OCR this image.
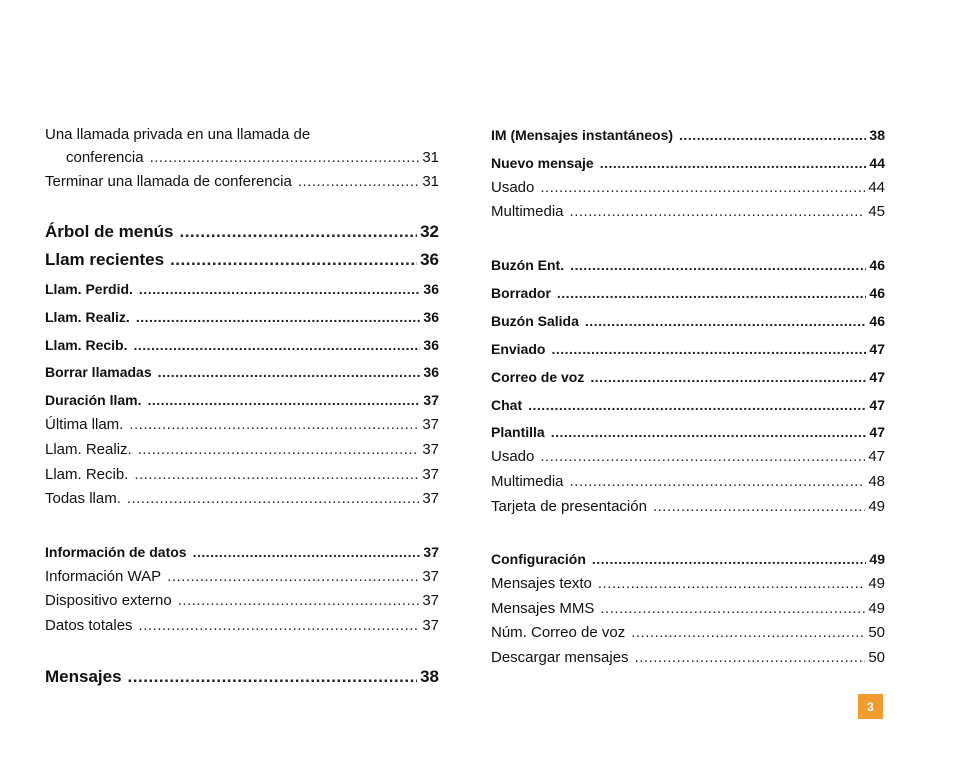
Una llamada privada en una llamada de
conferencia .....	31
Terminar una llamada de conferencia .....	31
Árbol de menús .....	32
Llam recientes .....	36
Llam. Perdid. .....	36
Llam. Realiz. .....	36
Llam. Recib. .....	36
Borrar llamadas .....	36
Duración llam. .....	37
Última llam. .....	37
Llam. Realiz. .....	37
Llam. Recib. .....	37
Todas llam. .....	37
Información de datos .....	37
Información WAP .....	37
Dispositivo externo .....	37
Datos totales .....	37
Mensajes .....	38
IM (Mensajes instantáneos) .....	38
Nuevo mensaje .....	44
Usado .....	44
Multimedia .....	45
Buzón Ent. .....	46
Borrador .....	46
Buzón Salida .....	46
Enviado .....	47
Correo de voz .....	47
Chat .....	47
Plantilla .....	47
Usado .....	47
Multimedia .....	48
Tarjeta de presentación .....	49
Configuración .....	49
Mensajes texto .....	49
Mensajes MMS .....	49
Núm. Correo de voz .....	50
Descargar mensajes .....	50
3
